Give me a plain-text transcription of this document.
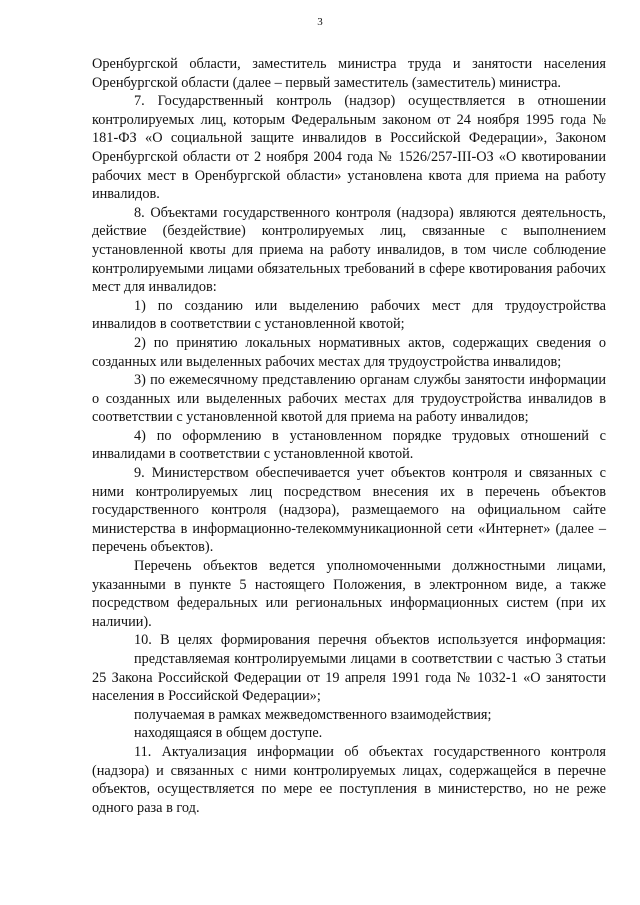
3

Оренбургской области, заместитель министра труда и занятости населения Оренбургской области (далее – первый заместитель (заместитель) министра.

7. Государственный контроль (надзор) осуществляется в отношении контролируемых лиц, которым Федеральным законом от 24 ноября 1995 года № 181-ФЗ «О социальной защите инвалидов в Российской Федерации», Законом Оренбургской области от 2 ноября 2004 года № 1526/257-III-ОЗ «О квотировании рабочих мест в Оренбургской области» установлена квота для приема на работу инвалидов.

8. Объектами государственного контроля (надзора) являются деятельность, действие (бездействие) контролируемых лиц, связанные с выполнением установленной квоты для приема на работу инвалидов, в том числе соблюдение контролируемыми лицами обязательных требований в сфере квотирования рабочих мест для инвалидов:

1) по созданию или выделению рабочих мест для трудоустройства инвалидов в соответствии с установленной квотой;

2) по принятию локальных нормативных актов, содержащих сведения о созданных или выделенных рабочих местах для трудоустройства инвалидов;

3) по ежемесячному представлению органам службы занятости информации о созданных или выделенных рабочих местах для трудоустройства инвалидов в соответствии с установленной квотой для приема на работу инвалидов;

4) по оформлению в установленном порядке трудовых отношений с инвалидами в соответствии с установленной квотой.

9. Министерством обеспечивается учет объектов контроля и связанных с ними контролируемых лиц посредством внесения их в перечень объектов государственного контроля (надзора), размещаемого на официальном сайте министерства в информационно-телекоммуникационной сети «Интернет» (далее – перечень объектов).

Перечень объектов ведется уполномоченными должностными лицами, указанными в пункте 5 настоящего Положения, в электронном виде, а также посредством федеральных или региональных информационных систем (при их наличии).

10. В целях формирования перечня объектов используется информация:

представляемая контролируемыми лицами в соответствии с частью 3 статьи 25 Закона Российской Федерации от 19 апреля 1991 года № 1032-1 «О занятости населения в Российской Федерации»;

получаемая в рамках межведомственного взаимодействия;

находящаяся в общем доступе.

11. Актуализация информации об объектах государственного контроля (надзора) и связанных с ними контролируемых лицах, содержащейся в перечне объектов, осуществляется по мере ее поступления в министерство, но не реже одного раза в год.
